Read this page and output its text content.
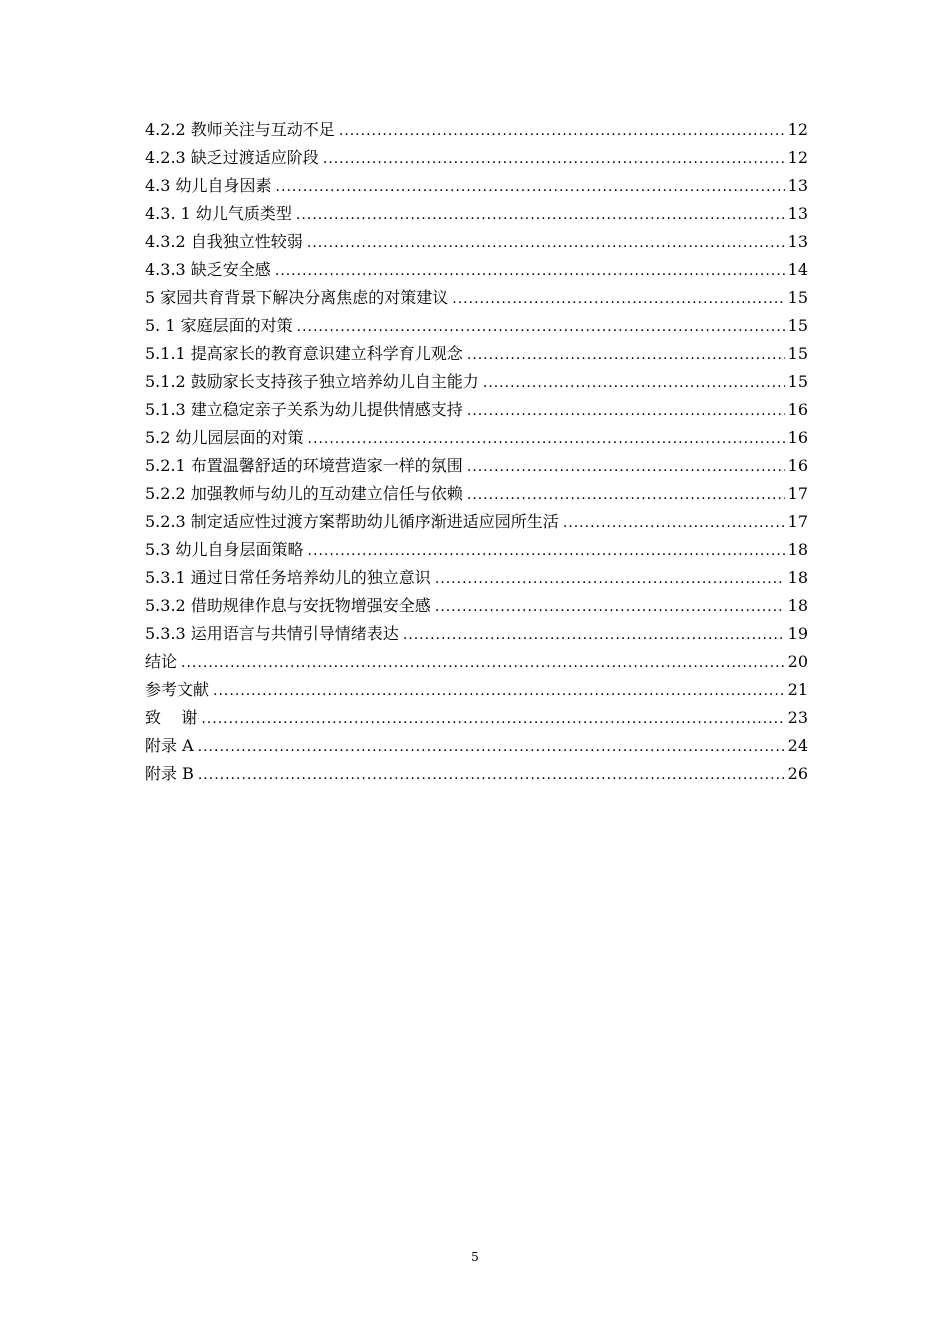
4.2.2 教师关注与互动不足 .....	12
4.2.3 缺乏过渡适应阶段 .....	12
4.3 幼儿自身因素 .....	13
4.3. 1 幼儿气质类型 .....	13
4.3.2 自我独立性较弱 .....	13
4.3.3 缺乏安全感 .....	14
5 家园共育背景下解决分离焦虑的对策建议 .....	15
5. 1 家庭层面的对策 .....	15
5.1.1 提高家长的教育意识建立科学育儿观念 .....	15
5.1.2 鼓励家长支持孩子独立培养幼儿自主能力 .....	15
5.1.3 建立稳定亲子关系为幼儿提供情感支持 .....	16
5.2 幼儿园层面的对策 .....	16
5.2.1 布置温馨舒适的环境营造家一样的氛围 .....	16
5.2.2 加强教师与幼儿的互动建立信任与依赖 .....	17
5.2.3 制定适应性过渡方案帮助幼儿循序渐进适应园所生活 .....	17
5.3 幼儿自身层面策略 .....	18
5.3.1 通过日常任务培养幼儿的独立意识 .....	18
5.3.2 借助规律作息与安抚物增强安全感 .....	18
5.3.3 运用语言与共情引导情绪表达 .....	19
结论 .....	20
参考文献 .....	21
致    谢 .....	23
附录 A .....	24
附录 B .....	26
5
